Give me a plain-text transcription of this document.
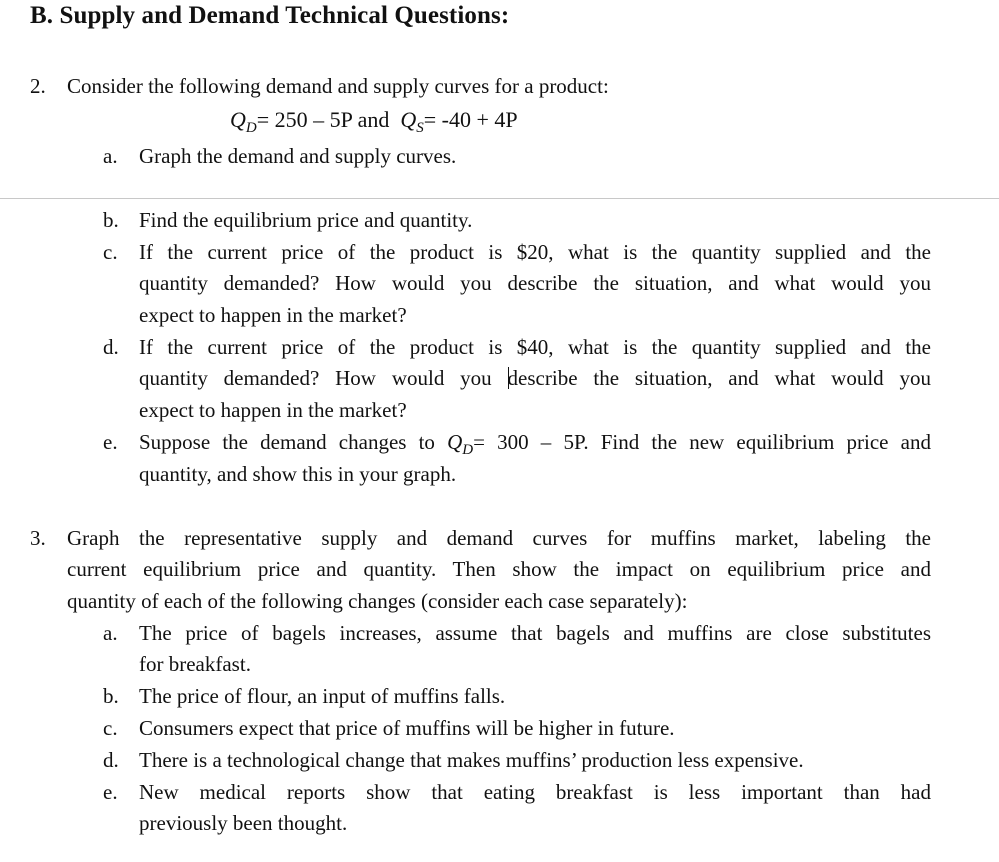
B. Supply and Demand Technical Questions:
2. Consider the following demand and supply curves for a product:
$Q_D= 250 - 5P$ and $Q_S= -40 + 4P$
a. Graph the demand and supply curves.
b. Find the equilibrium price and quantity.
c. If the current price of the product is $20, what is the quantity supplied and the
quantity demanded? How would you describe the situation, and what would you
expect to happen in the market?
d. If the current price of the product is $40, what is the quantity supplied and the
quantity demanded? How would you describe the situation, and what would you
expect to happen in the market?
e. Suppose the demand changes to $Q_D= 300 - 5P$. Find the new equilibrium price and
quantity, and show this in your graph.
3. Graph the representative supply and demand curves for muffins market, labeling the
current equilibrium price and quantity. Then show the impact on equilibrium price and
quantity of each of the following changes (consider each case separately):
a. The price of bagels increases, assume that bagels and muffins are close substitutes
for breakfast.
b. The price of flour, an input of muffins falls.
c. Consumers expect that price of muffins will be higher in future.
d. There is a technological change that makes muffins’ production less expensive.
e. New medical reports show that eating breakfast is less important than had
previously been thought.
